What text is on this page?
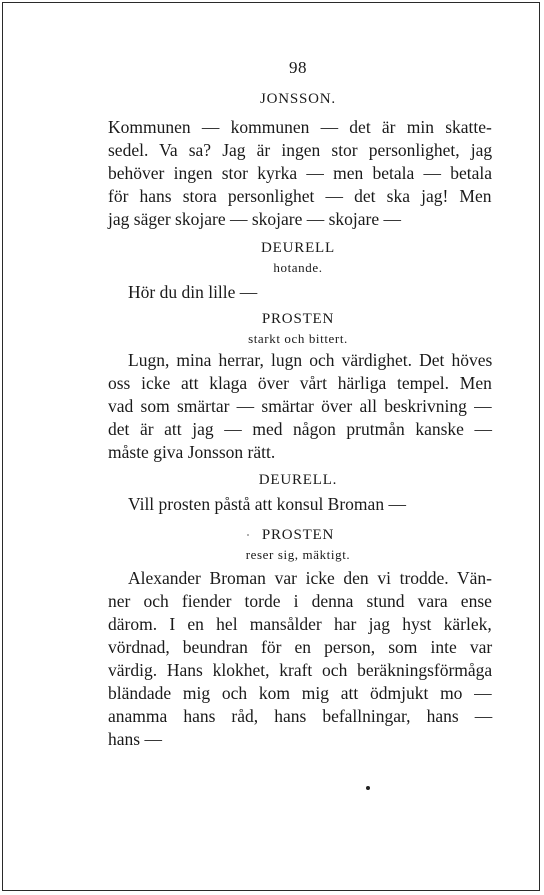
98
JONSSON.
Kommunen — kommunen — det är min skatte-
sedel. Va sa? Jag är ingen stor personlighet, jag
behöver ingen stor kyrka — men betala — betala
för hans stora personlighet — det ska jag! Men
jag säger skojare — skojare — skojare —
DEURELL
hotande.
Hör du din lille —
PROSTEN
starkt och bittert.
Lugn, mina herrar, lugn och värdighet. Det höves
oss icke att klaga över vårt härliga tempel. Men
vad som smärtar — smärtar över all beskrivning —
det är att jag — med någon prutmån kanske —
måste giva Jonsson rätt.
DEURELL.
Vill prosten påstå att konsul Broman —
PROSTEN
reser sig, mäktigt.
Alexander Broman var icke den vi trodde. Vän-
ner och fiender torde i denna stund vara ense
därom. I en hel mansålder har jag hyst kärlek,
vördnad, beundran för en person, som inte var
värdig. Hans klokhet, kraft och beräkningsförmåga
bländade mig och kom mig att ödmjukt mo —
anamma hans råd, hans befallningar, hans —
hans —
